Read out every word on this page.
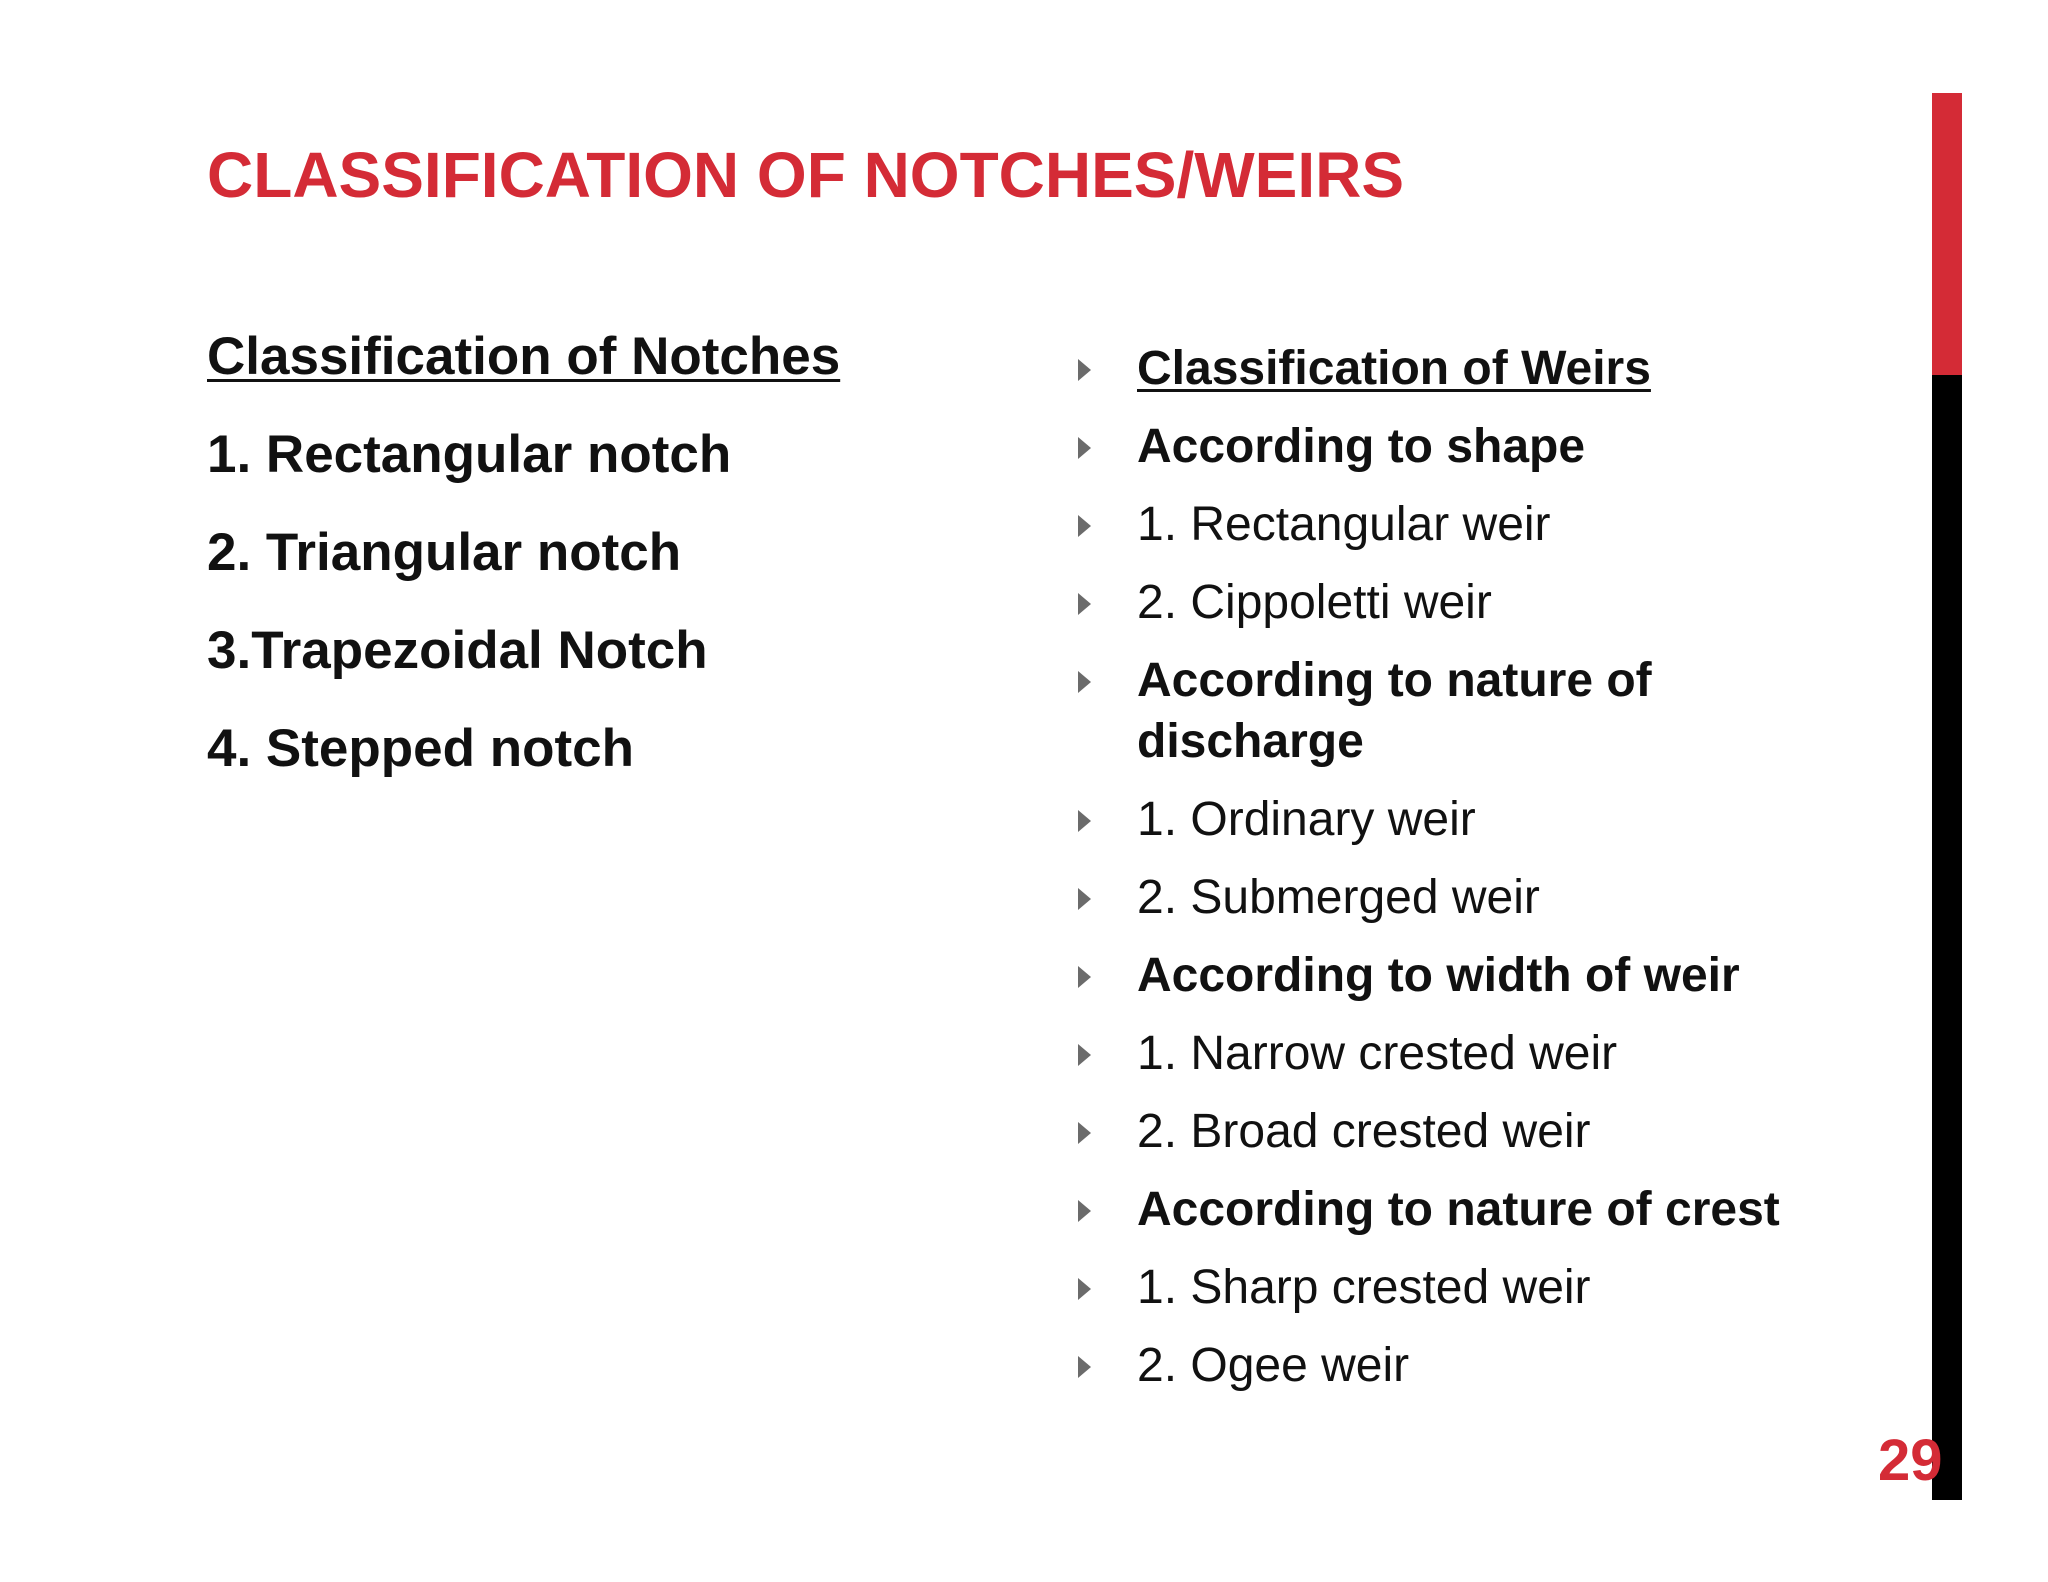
CLASSIFICATION OF NOTCHES/WEIRS
Classification of Notches
1. Rectangular notch
2. Triangular notch
3.Trapezoidal Notch
4. Stepped notch
Classification of Weirs
According to shape
1. Rectangular weir
2. Cippoletti weir
According to nature of discharge
1. Ordinary weir
2. Submerged weir
According to width of weir
1. Narrow crested weir
2. Broad crested weir
According to nature of crest
1. Sharp crested weir
2. Ogee weir
29
